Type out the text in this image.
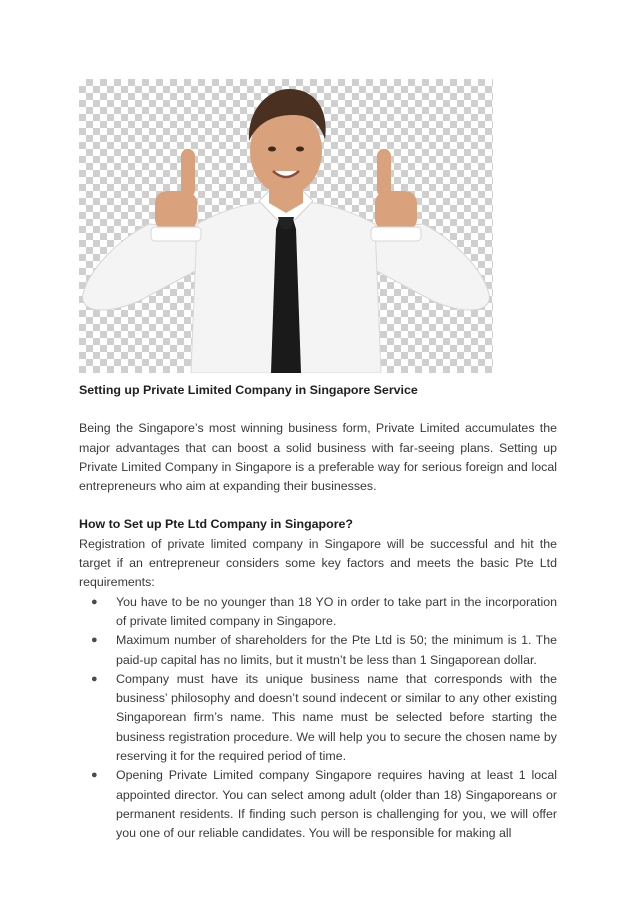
Setting up Private Limited Company in Singapore Service

Being the Singapore’s most winning business form, Private Limited accumulates the major advantages that can boost a solid business with far-seeing plans. Setting up Private Limited Company in Singapore is a preferable way for serious foreign and local entrepreneurs who aim at expanding their businesses.

How to Set up Pte Ltd Company in Singapore?

Registration of private limited company in Singapore will be successful and hit the target if an entrepreneur considers some key factors and meets the basic Pte Ltd requirements:

●	You have to be no younger than 18 YO in order to take part in the incorporation of private limited company in Singapore.
●	Maximum number of shareholders for the Pte Ltd is 50; the minimum is 1. The paid-up capital has no limits, but it mustn’t be less than 1 Singaporean dollar.
●	Company must have its unique business name that corresponds with the business’ philosophy and doesn’t sound indecent or similar to any other existing Singaporean firm’s name. This name must be selected before starting the business registration procedure. We will help you to secure the chosen name by reserving it for the required period of time.
●	Opening Private Limited company Singapore requires having at least 1 local appointed director. You can select among adult (older than 18) Singaporeans or permanent residents. If finding such person is challenging for you, we will offer you one of our reliable candidates. You will be responsible for making all
